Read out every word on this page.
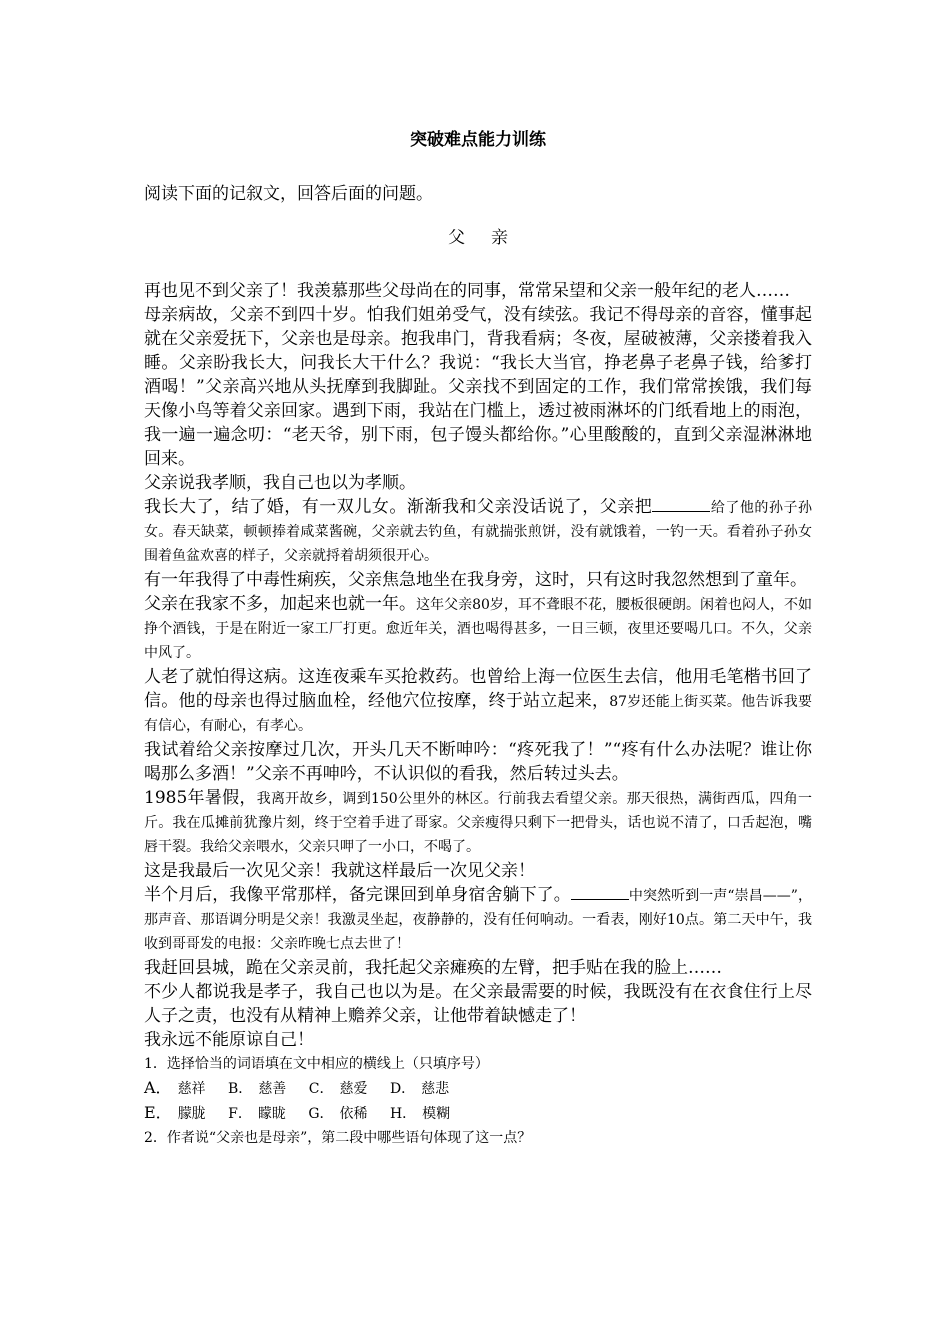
突破难点能力训练
阅读下面的记叙文，回答后面的问题。
父亲

再也见不到父亲了！我羡慕那些父母尚在的同事，常常呆望和父亲一般年纪的老人……

母亲病故，父亲不到四十岁。怕我们姐弟受气，没有续弦。我记不得母亲的音容，懂事起就在父亲爱抚下，父亲也是母亲。抱我串门，背我看病；冬夜，屋破被薄，父亲搂着我入睡。父亲盼我长大，问我长大干什么？我说：“我长大当官，挣老鼻子老鼻子钱，给爹打酒喝！”父亲高兴地从头抚摩到我脚趾。父亲找不到固定的工作，我们常常挨饿，我们每天像小鸟等着父亲回家。遇到下雨，我站在门槛上，透过被雨淋坏的门纸看地上的雨泡，我一遍一遍念叨：“老天爷，别下雨，包子馒头都给你。”心里酸酸的，直到父亲湿淋淋地回来。

父亲说我孝顺，我自己也以为孝顺。

我长大了，结了婚，有一双儿女。渐渐我和父亲没话说了，父亲把	给了他的孙子孙女。春天缺菜，顿顿捧着咸菜酱碗，父亲就去钓鱼，有就揣张煎饼，没有就饿着，一钓一天。看着孙子孙女围着鱼盆欢喜的样子，父亲就捋着胡须很开心。

有一年我得了中毒性痢疾，父亲焦急地坐在我身旁，这时，只有这时我忽然想到了童年。

父亲在我家不多，加起来也就一年。这年父亲80岁，耳不聋眼不花，腰板很硬朗。闲着也闷人，不如挣个酒钱，于是在附近一家工厂打更。愈近年关，酒也喝得甚多，一日三顿，夜里还要喝几口。不久，父亲中风了。

人老了就怕得这病。这连夜乘车买抢救药。也曾给上海一位医生去信，他用毛笔楷书回了信。他的母亲也得过脑血栓，经他穴位按摩，终于站立起来，87岁还能上街买菜。他告诉我要有信心，有耐心，有孝心。

我试着给父亲按摩过几次，开头几天不断呻吟：“疼死我了！”“疼有什么办法呢？谁让你喝那么多酒！”父亲不再呻吟，不认识似的看我，然后转过头去。

1985年暑假，我离开故乡，调到150公里外的林区。行前我去看望父亲。那天很热，满街西瓜，四角一斤。我在瓜摊前犹豫片刻，终于空着手进了哥家。父亲瘦得只剩下一把骨头，话也说不清了，口舌起泡，嘴唇干裂。我给父亲喂水，父亲只呷了一小口，不喝了。

这是我最后一次见父亲！我就这样最后一次见父亲！

半个月后，我像平常那样，备完课回到单身宿舍躺下了。	中突然听到一声“崇昌——”，那声音、那语调分明是父亲！我激灵坐起，夜静静的，没有任何响动。一看表，刚好10点。第二天中午，我收到哥哥发的电报：父亲昨晚七点去世了！

我赶回县城，跪在父亲灵前，我托起父亲瘫痪的左臂，把手贴在我的脸上……

不少人都说我是孝子，我自己也以为是。在父亲最需要的时候，我既没有在衣食住行上尽人子之责，也没有从精神上赡养父亲，让他带着缺憾走了！

我永远不能原谅自己！

1．选择恰当的词语填在文中相应的横线上（只填序号）

A． 慈祥 B． 慈善 C． 慈爱 D． 慈悲

E． 朦胧 F． 矇眬 G． 依稀 H． 模糊

2．作者说“父亲也是母亲”，第二段中哪些语句体现了这一点？
